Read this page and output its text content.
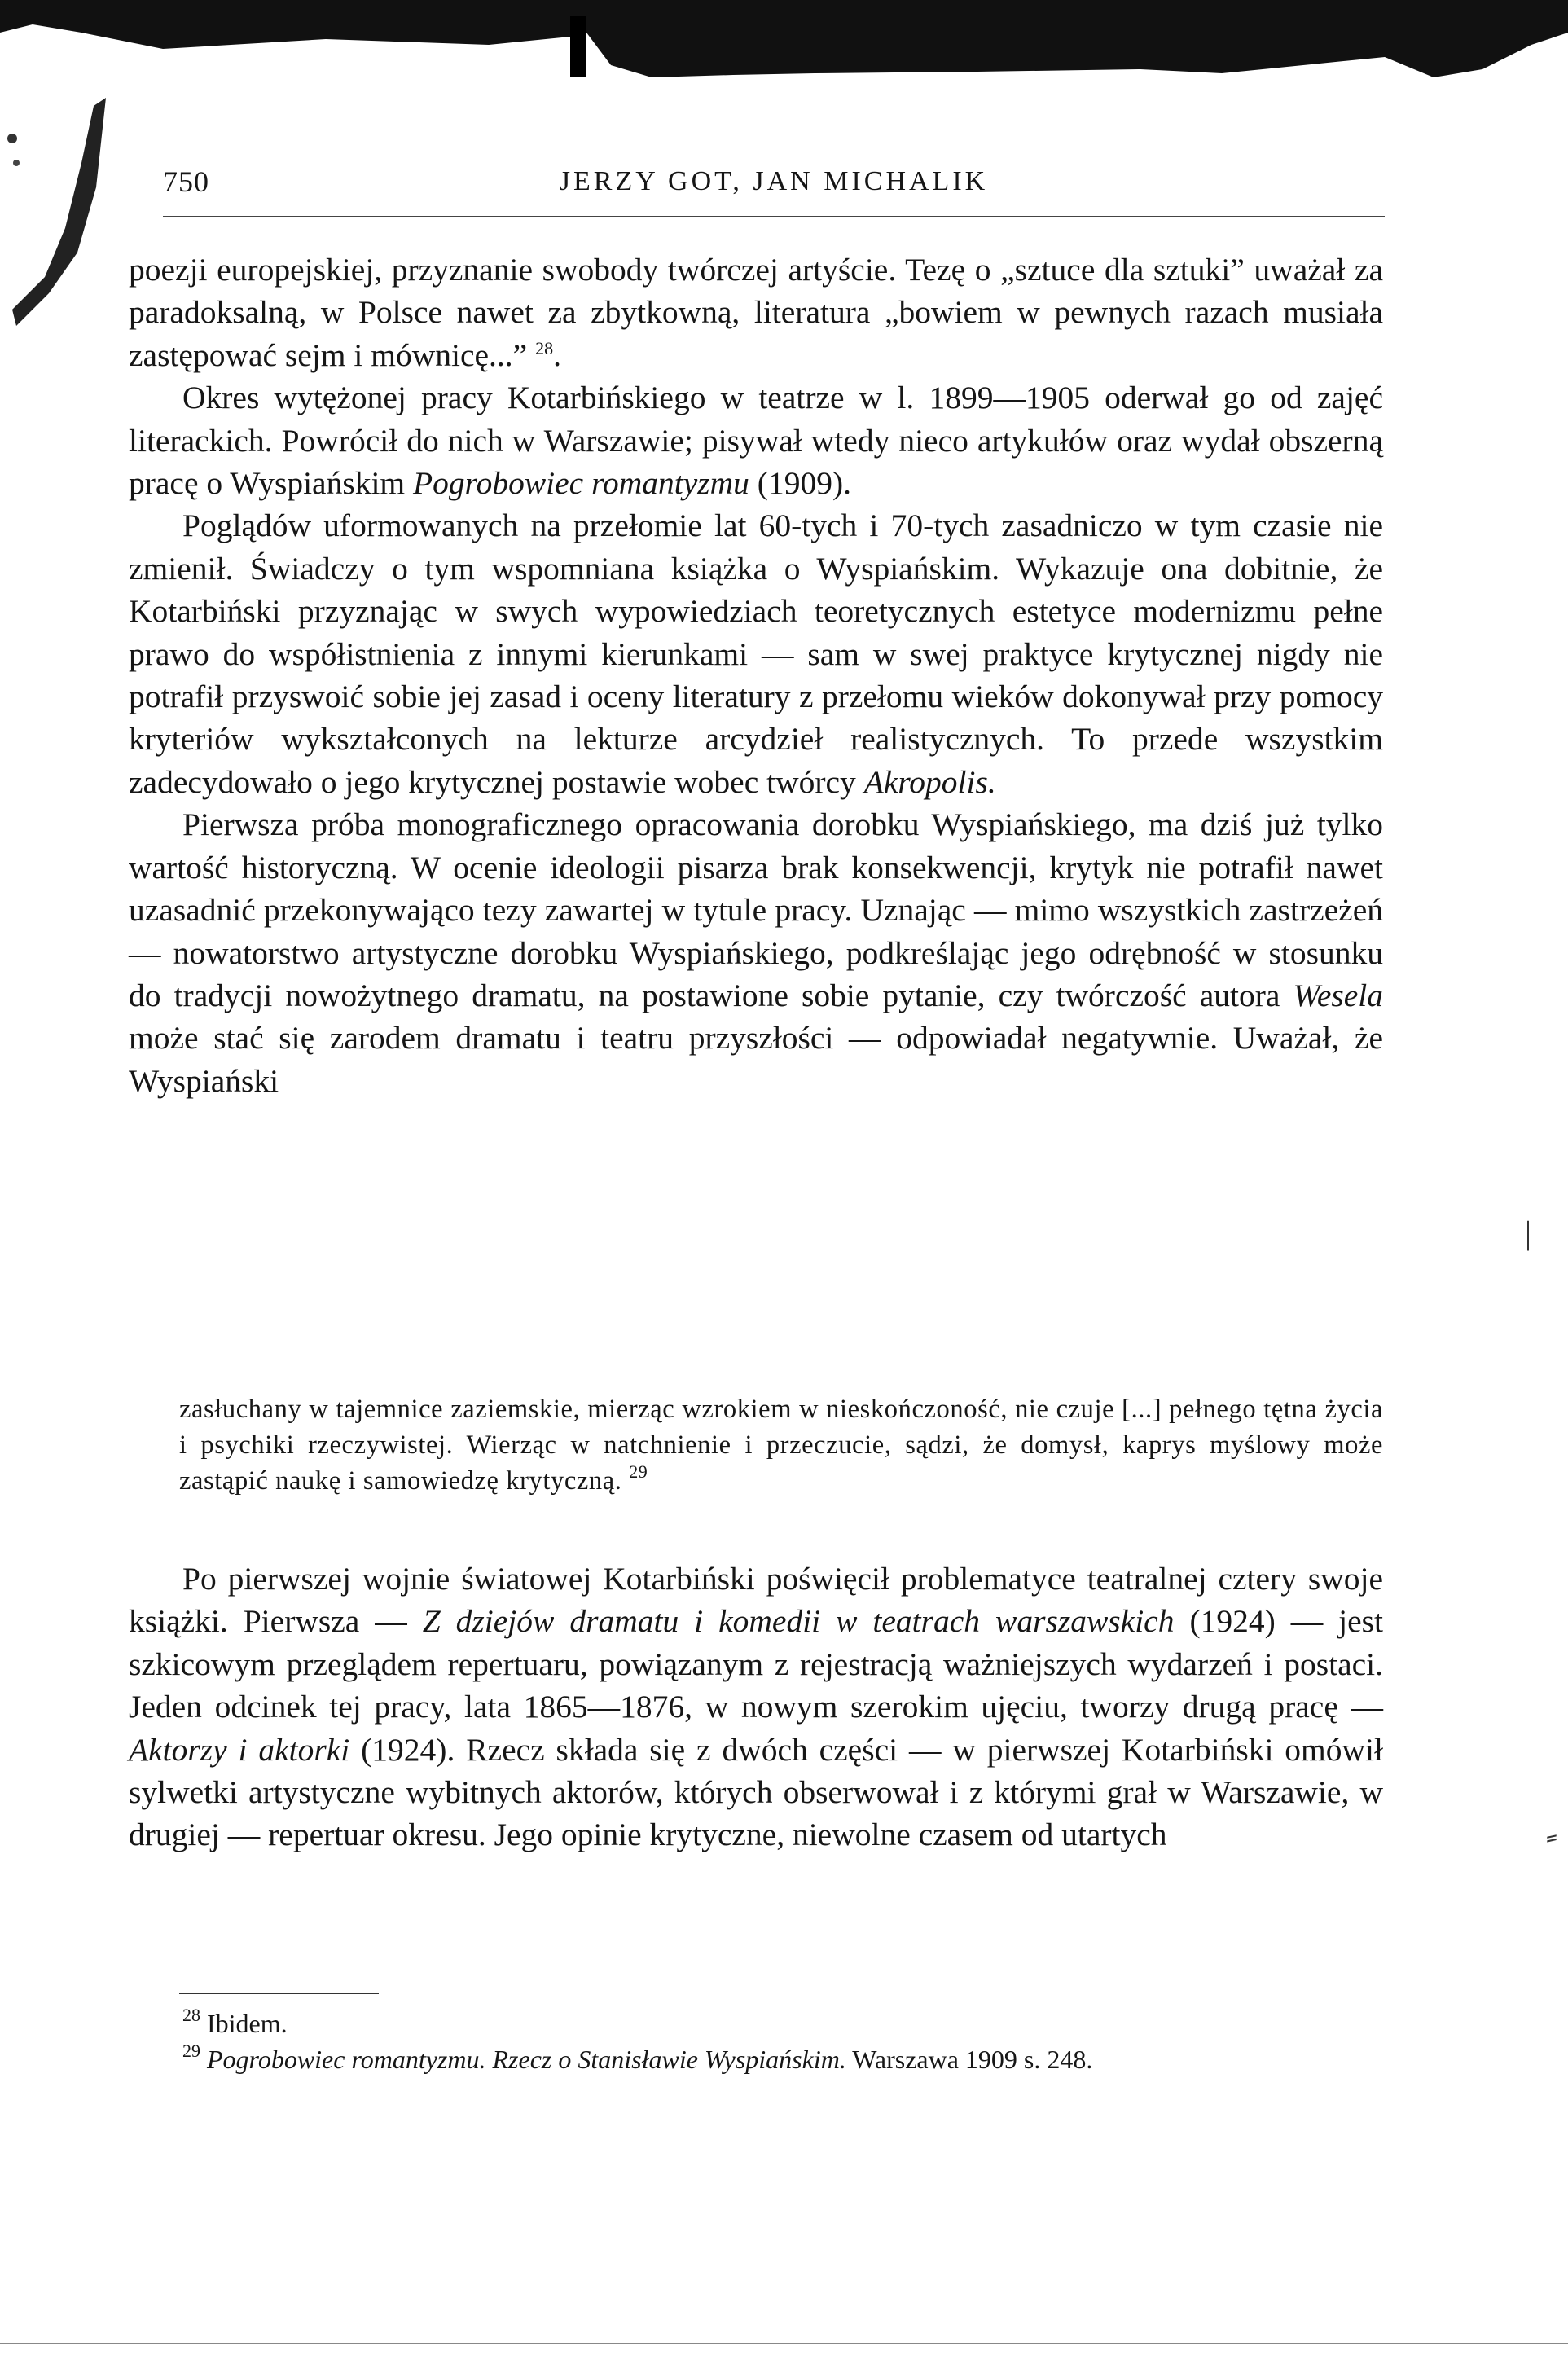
750	JERZY GOT, JAN MICHALIK

poezji europejskiej, przyznanie swobody twórczej artyście. Tezę o „sztuce dla sztuki” uważał za paradoksalną, w Polsce nawet za zbytkowną, literatura „bowiem w pewnych razach musiała zastępować sejm i mównicę...” $^{28}$.

Okres wytężonej pracy Kotarbińskiego w teatrze w l. 1899—1905 oderwał go od zajęć literackich. Powrócił do nich w Warszawie; pisywał wtedy nieco artykułów oraz wydał obszerną pracę o Wyspiańskim Pogrobowiec romantyzmu (1909).

Poglądów uformowanych na przełomie lat 60-tych i 70-tych zasadniczo w tym czasie nie zmienił. Świadczy o tym wspomniana książka o Wyspiańskim. Wykazuje ona dobitnie, że Kotarbiński przyznając w swych wypowiedziach teoretycznych estetyce modernizmu pełne prawo do współistnienia z innymi kierunkami — sam w swej praktyce krytycznej nigdy nie potrafił przyswoić sobie jej zasad i oceny literatury z przełomu wieków dokonywał przy pomocy kryteriów wykształconych na lekturze arcydzieł realistycznych. To przede wszystkim zadecydowało o jego krytycznej postawie wobec twórcy Akropolis.

Pierwsza próba monograficznego opracowania dorobku Wyspiańskiego, ma dziś już tylko wartość historyczną. W ocenie ideologii pisarza brak konsekwencji, krytyk nie potrafił nawet uzasadnić przekonywająco tezy zawartej w tytule pracy. Uznając — mimo wszystkich zastrzeżeń — nowatorstwo artystyczne dorobku Wyspiańskiego, podkreślając jego odrębność w stosunku do tradycji nowożytnego dramatu, na postawione sobie pytanie, czy twórczość autora Wesela może stać się zarodem dramatu i teatru przyszłości — odpowiadał negatywnie. Uważał, że Wyspiański

zasłuchany w tajemnice zaziemskie, mierząc wzrokiem w nieskończoność, nie czuje [...] pełnego tętna życia i psychiki rzeczywistej. Wierząc w natchnienie i przeczucie, sądzi, że domysł, kaprys myślowy może zastąpić naukę i samowiedzę krytyczną. $^{29}$

Po pierwszej wojnie światowej Kotarbiński poświęcił problematyce teatralnej cztery swoje książki. Pierwsza — Z dziejów dramatu i komedii w teatrach warszawskich (1924) — jest szkicowym przeglądem repertuaru, powiązanym z rejestracją ważniejszych wydarzeń i postaci. Jeden odcinek tej pracy, lata 1865—1876, w nowym szerokim ujęciu, tworzy drugą pracę — Aktorzy i aktorki (1924). Rzecz składa się z dwóch części — w pierwszej Kotarbiński omówił sylwetki artystyczne wybitnych aktorów, których obserwował i z którymi grał w Warszawie, w drugiej — repertuar okresu. Jego opinie krytyczne, niewolne czasem od utartych

$^{28}$ Ibidem.

$^{29}$ Pogrobowiec romantyzmu. Rzecz o Stanisławie Wyspiańskim. Warszawa 1909 s. 248.

|
